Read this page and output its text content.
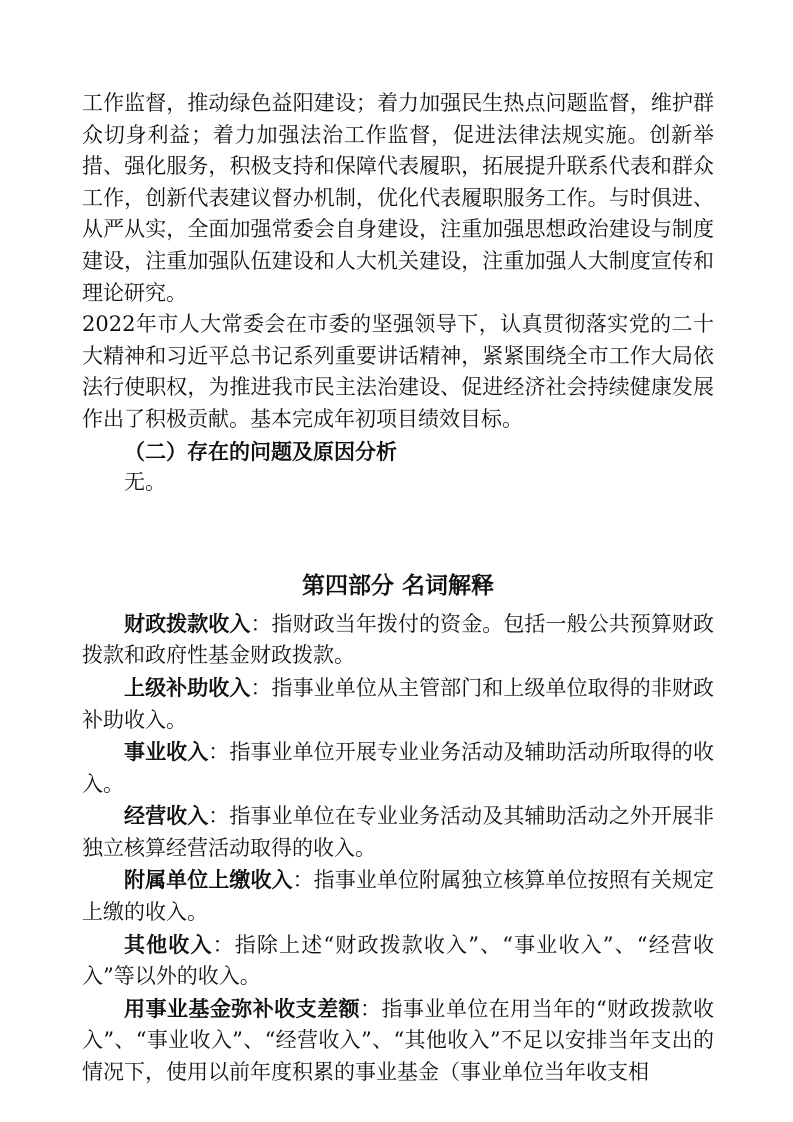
工作监督，推动绿色益阳建设；着力加强民生热点问题监督，维护群众切身利益；着力加强法治工作监督，促进法律法规实施。创新举措、强化服务，积极支持和保障代表履职，拓展提升联系代表和群众工作，创新代表建议督办机制，优化代表履职服务工作。与时俱进、从严从实，全面加强常委会自身建设，注重加强思想政治建设与制度建设，注重加强队伍建设和人大机关建设，注重加强人大制度宣传和理论研究。

2022年市人大常委会在市委的坚强领导下，认真贯彻落实党的二十大精神和习近平总书记系列重要讲话精神，紧紧围绕全市工作大局依法行使职权，为推进我市民主法治建设、促进经济社会持续健康发展作出了积极贡献。基本完成年初项目绩效目标。

（二）存在的问题及原因分析

无。

第四部分 名词解释

财政拨款收入：指财政当年拨付的资金。包括一般公共预算财政拨款和政府性基金财政拨款。

上级补助收入：指事业单位从主管部门和上级单位取得的非财政补助收入。

事业收入：指事业单位开展专业业务活动及辅助活动所取得的收入。

经营收入：指事业单位在专业业务活动及其辅助活动之外开展非独立核算经营活动取得的收入。

附属单位上缴收入：指事业单位附属独立核算单位按照有关规定上缴的收入。

其他收入：指除上述“财政拨款收入”、“事业收入”、“经营收入”等以外的收入。

用事业基金弥补收支差额：指事业单位在用当年的“财政拨款收入”、“事业收入”、“经营收入”、“其他收入”不足以安排当年支出的情况下，使用以前年度积累的事业基金（事业单位当年收支相
